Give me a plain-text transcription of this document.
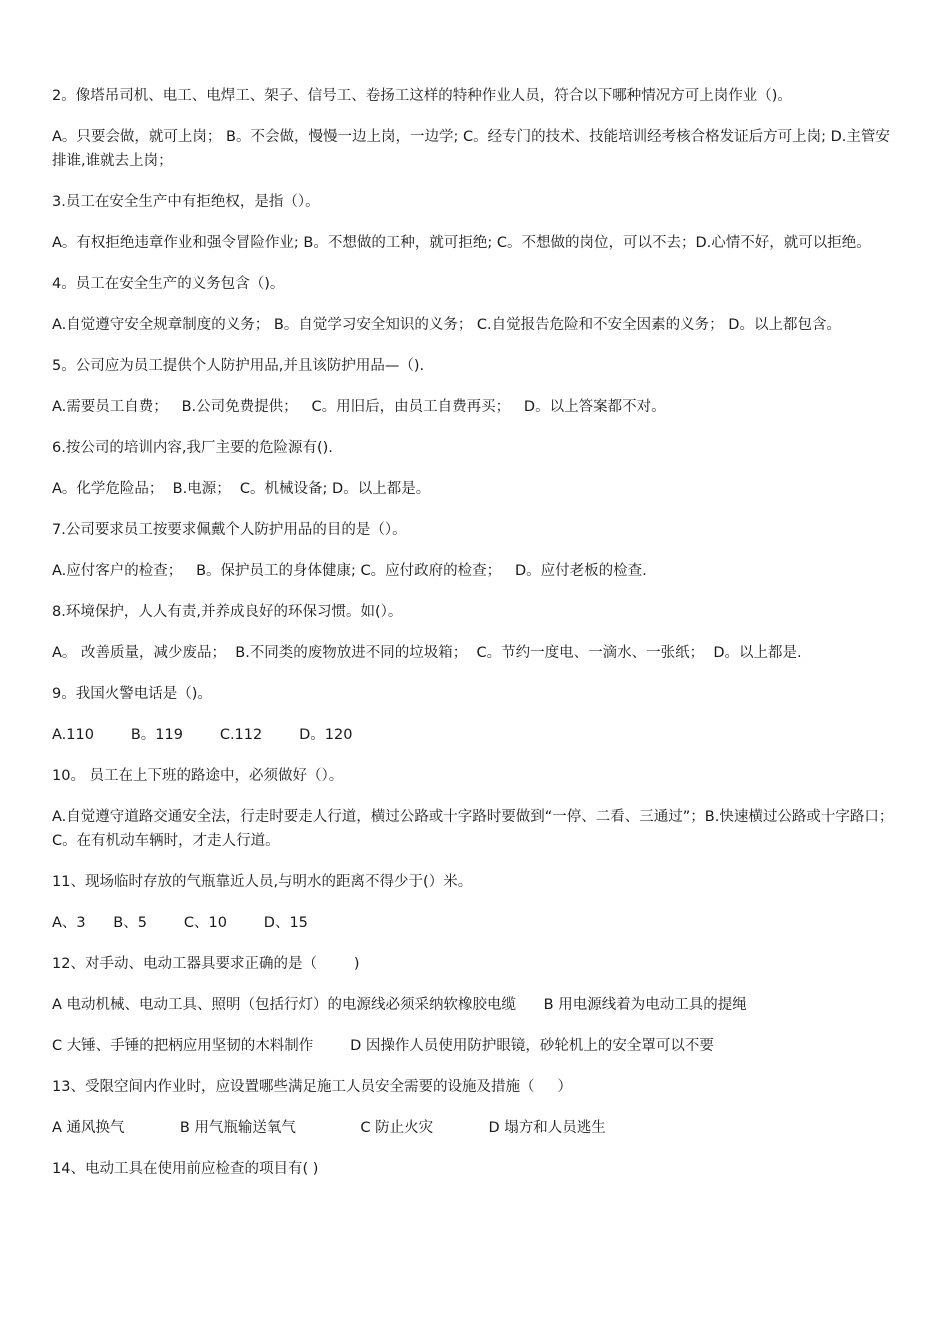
2。像塔吊司机、电工、电焊工、架子、信号工、卷扬工这样的特种作业人员，符合以下哪种情况方可上岗作业（)。

A。只要会做，就可上岗； B。不会做，慢慢一边上岗，一边学; C。经专门的技术、技能培训经考核合格发证后方可上岗; D.主管安排谁,谁就去上岗；

3.员工在安全生产中有拒绝权，是指（）。

A。有权拒绝违章作业和强令冒险作业; B。不想做的工种，就可拒绝; C。不想做的岗位，可以不去；D.心情不好，就可以拒绝。

4。员工在安全生产的义务包含（)。

A.自觉遵守安全规章制度的义务； B。自觉学习安全知识的义务； C.自觉报告危险和不安全因素的义务； D。以上都包含。

5。公司应为员工提供个人防护用品,并且该防护用品—（).

A.需要员工自费；   B.公司免费提供；   C。用旧后，由员工自费再买；   D。以上答案都不对。

6.按公司的培训内容,我厂主要的危险源有().

A。化学危险品；  B.电源；  C。机械设备; D。以上都是。

7.公司要求员工按要求佩戴个人防护用品的目的是（）。

A.应付客户的检查；   B。保护员工的身体健康; C。应付政府的检查；   D。应付老板的检查.

8.环境保护，人人有责,并养成良好的环保习惯。如(）。

A。 改善质量，减少废品；  B.不同类的废物放进不同的垃圾箱；  C。节约一度电、一滴水、一张纸；  D。以上都是.

9。我国火警电话是（)。

A.110        B。119        C.112        D。120

10。 员工在上下班的路途中，必须做好（）。

A.自觉遵守道路交通安全法，行走时要走人行道，横过公路或十字路时要做到“一停、二看、三通过”；B.快速横过公路或十字路口；  C。在有机动车辆时，才走人行道。

11、现场临时存放的气瓶靠近人员,与明水的距离不得少于(）米。

A、3      B、5        C、10        D、15

12、对手动、电动工器具要求正确的是（        )

A 电动机械、电动工具、照明（包括行灯）的电源线必须采纳软橡胶电缆      B 用电源线着为电动工具的提绳

C 大锤、手锤的把柄应用坚韧的木料制作        D 因操作人员使用防护眼镜，砂轮机上的安全罩可以不要

13、受限空间内作业时，应设置哪些满足施工人员安全需要的设施及措施（     ）

A 通风换气            B 用气瓶输送氧气              C 防止火灾            D 塌方和人员逃生

14、电动工具在使用前应检查的项目有( )
